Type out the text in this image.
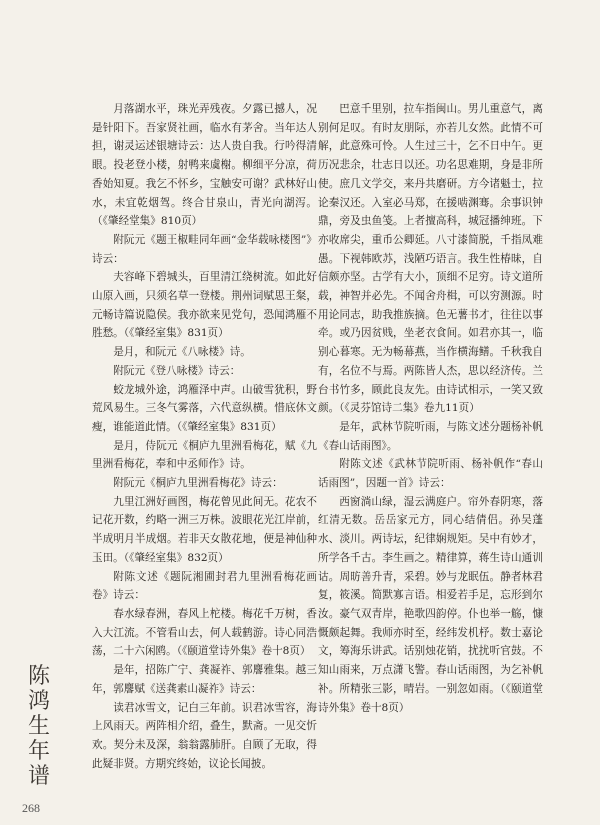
月落湖水平，珠光弄残夜。夕露已撼人，况是针阳下。吾家贤社画，临水有茅舍。当年达人担，谢灵运述银塘诗云：达人贵自我。行吟得清眼。投老登小楼，射鸭来虞榭。柳细平分凉，荷香始知夏。我乞不怀乡，宝触安可谢？武林好山水，未宜乾烟驾。终合甘泉山，青光向湖泻。（《肇经堂集》810页）

附阮元《题王椒畦同年画“金华载咏楼图”》诗云：

夫容峰下碧城头，百里清江绕树流。如此好山原入画，只须名草一登楼。荆州词赋思王粲，元畅诗篇说隐侯。我亦欲来见党句，恐闻鸿雁不胜愁。（《肇经室集》831页）

是月，和阮元《八咏楼》诗。

附阮元《登八咏楼》诗云：

蛟龙城外途，鸿雁泽中声。山破雪犹积，野荒风易生。三冬气雾落，六代意纵横。惜底休文瘦，谁能道此情。（《肇经室集》831页）

是月，侍阮元《桐庐九里洲看梅花，赋《九里洲看梅花，奉和中丞师作》诗。

附阮元《桐庐九里洲看梅花》诗云：

九里江洲好画图，梅花曾见此间无。花农不记花开数，约略一洲三万株。波眼花光江岸前，半成明月半成烟。若非天女散花地，便是神仙种玉田。（《肇经室集》832页）

附陈文述《题阮湘圃封君九里洲看梅花画卷》诗云：

春水绿春洲，春风上柁楼。梅花千万树，香入大江流。不管看山去，何人载鹤游。诗心同浩荡，二十六闲鸥。（《颐道堂诗外集》卷十8页）

是年，招陈广宁、龚凝祚、郭麐雅集。越三年，郭麐赋《送龚素山凝祚》诗云：

读君冰雪文，记白三年前。识君冰雪容，海上风雨天。两阵相介绍，叠生，默斋。一见交忻欢。契分未及深，翁翁露肺肝。自顾了无取，得此疑非贤。方期究终始，议论长闻披。

巴意千里别，拉车指闽山。男儿重意气，离别何足叹。有时友朋际，亦若儿女然。此情不可解，此意殊可怜。人生过三十，乞不日中午。更历况悲余，壮志日以还。功名思难期，身是非所使。庶几文学交，来丹共磨研。方今诸魁士，拉论秦汉还。入室必马郑，在援啮渊骞。余事识钟鼎，旁及虫鱼笺。上者擅高科，城冠播绅班。下亦收席尖，重币公卿延。八寸漆简脱，千指凤难愚。下视韩欧苏，浅陋巧语言。我生性椿昧，自信颇亦坚。古学有大小，顶细不足穷。诗文道所载，神智并必先。不闻舍舟楫，可以穷测源。时用论同志，助我推族摘。色无薯书才，往往以事牵。或乃因贫贱，坐老衣食间。如君亦其一，临别心暮寒。无为畅幕燕，当作横海鳝。千秋我自有，名位不与焉。两陈皆人杰，思以经济传。兰台书竹多，顾此良友先。由诗试相示，一笑又致颜。（《灵芬馆诗二集》卷九11页）

是年，武林节院听雨，与陈文述分题杨补帆《春山话雨图》。

附陈文述《武林节院听雨、杨补帆作“春山话雨图”，因题一首》诗云：

西窗淌山绿，湿云满庭户。帘外春阴寒，落红清无数。岳岳家元方，同心结倩侣。孙吴蓬水、淡川。两诗坛，纪律娴规矩。吴中有妙才，所学各千古。李生画之。精律算，蒋生诗山通训诂。周昉善升青，采碧。妙与龙眠伍。静者林君复，筱溪。简默寡言语。相爱若手足，忘形到尔汝。豪气双青岸，艳歌四韵停。仆也举一觞，慷慨颇起舞。我师亦时至，经纬发机杼。数士嘉论文，筹海乐讲武。话别烛花销，扰扰听官鼓。不知山雨来，万点潇飞警。春山话雨图，为乞补帆补。所精张三影，晴岩。一别忽如雨。（《颐道堂诗外集》卷十8页）

陈
鸿
生
年
谱
268
